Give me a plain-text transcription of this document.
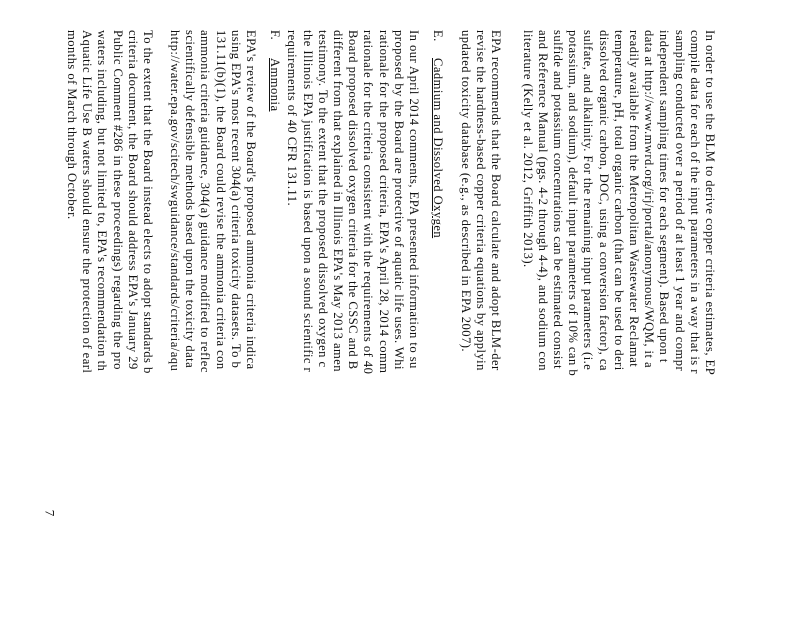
In order to use the BLM to derive copper criteria estimates, EP
compile data for each of the input parameters in a way that is r
sampling conducted over a period of at least 1 year and compr
independent sampling times for each segment). Based upon t
data at http://www.mwrd.org/irj/portal/anonymous/WQM, it a
readily available from the Metropolitan Wastewater Reclamat
temperature, pH, total organic carbon (that can be used to deri
dissolved organic carbon, DOC, using a conversion factor), ca
sulfate, and alkalinity. For the remaining input parameters (i.e
potassium, and sodium), default input parameters of 10% can b
sulfide and potassium concentrations can be estimated consist
and Reference Manual (pgs. 4-2 through 4-4), and sodium con
literature (Kelly et al. 2012, Griffith 2013).
EPA recommends that the Board calculate and adopt BLM-der
revise the hardness-based copper criteria equations by applyin
updated toxicity database (e.g., as described in EPA 2007).
E.Cadmium and Dissolved Oxygen
In our April 2014 comments, EPA presented information to su
proposed by the Board are protective of aquatic life uses. Whi
rationale for the proposed criteria, EPA's April 28, 2014 comm
rationale for the criteria consistent with the requirements of 40
Board proposed dissolved oxygen criteria for the CSSC and B
different from that explained in Illinois EPA's May 2013 amen
testimony. To the extent that the proposed dissolved oxygen c
the Illinois EPA justification is based upon a sound scientific r
requirements of 40 CFR 131.11.
F.Ammonia
EPA's review of the Board's proposed ammonia criteria indica
using EPA's most recent 304(a) criteria toxicity datasets. To b
131.11(b)(1), the Board could revise the ammonia criteria con
ammonia criteria guidance, 304(a) guidance modified to reflec
scientifically defensible methods based upon the toxicity data
http://water.epa.gov/scitech/swguidance/standards/criteria/aqu
To the extent that the Board instead elects to adopt standards b
criteria document, the Board should address EPA's January 29
Public Comment #286 in these proceedings) regarding the pro
waters including, but not limited to, EPA's recommendation th
Aquatic Life Use B waters should ensure the protection of earl
months of March through October.
7
